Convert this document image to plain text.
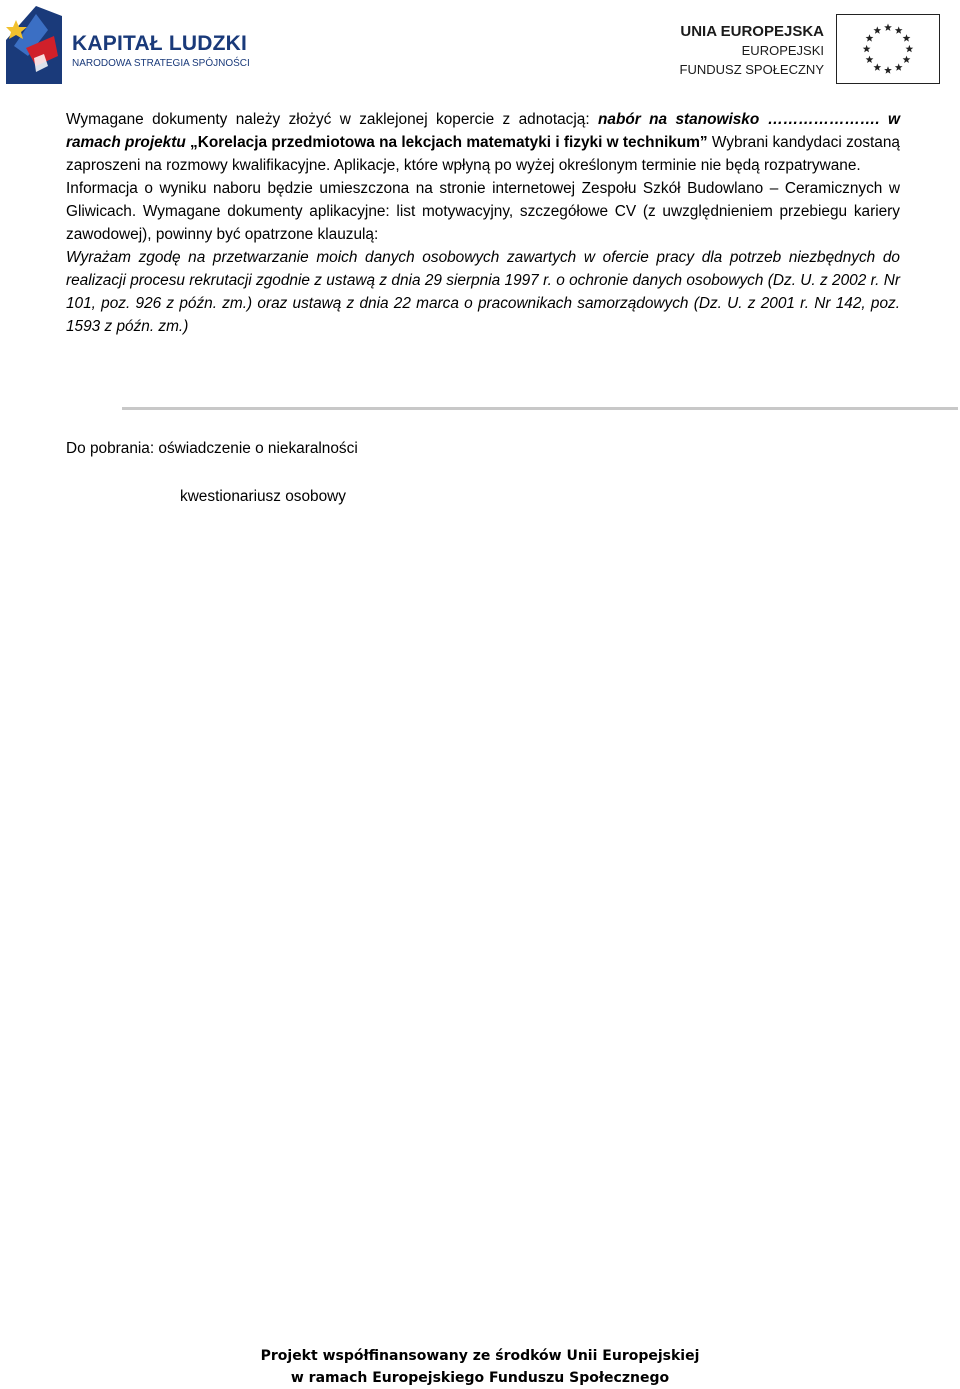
KAPITAŁ LUDZKI
NARODOWA STRATEGIA SPÓJNOŚCI
UNIA EUROPEJSKA
EUROPEJSKI
FUNDUSZ SPOŁECZNY

Wymagane dokumenty należy złożyć w zaklejonej kopercie z adnotacją: nabór na stanowisko …………………. w ramach projektu „Korelacja przedmiotowa na lekcjach matematyki i fizyki w technikum” Wybrani kandydaci zostaną zaproszeni na rozmowy kwalifikacyjne. Aplikacje, które wpłyną po wyżej określonym terminie nie będą rozpatrywane.

Informacja o wyniku naboru będzie umieszczona na stronie internetowej Zespołu Szkół Budowlano – Ceramicznych w Gliwicach. Wymagane dokumenty aplikacyjne: list motywacyjny, szczegółowe CV (z uwzględnieniem przebiegu kariery zawodowej), powinny być opatrzone klauzulą:

Wyrażam zgodę na przetwarzanie moich danych osobowych zawartych w ofercie pracy dla potrzeb niezbędnych do realizacji procesu rekrutacji zgodnie z ustawą z dnia 29 sierpnia 1997 r. o ochronie danych osobowych (Dz. U. z 2002 r. Nr 101, poz. 926 z późn. zm.) oraz ustawą z dnia 22 marca o pracownikach samorządowych (Dz. U. z 2001 r. Nr 142, poz. 1593 z późn. zm.)

Do pobrania: oświadczenie o niekaralności
kwestionariusz osobowy
Projekt współfinansowany ze środków Unii Europejskiej
w ramach Europejskiego Funduszu Społecznego
